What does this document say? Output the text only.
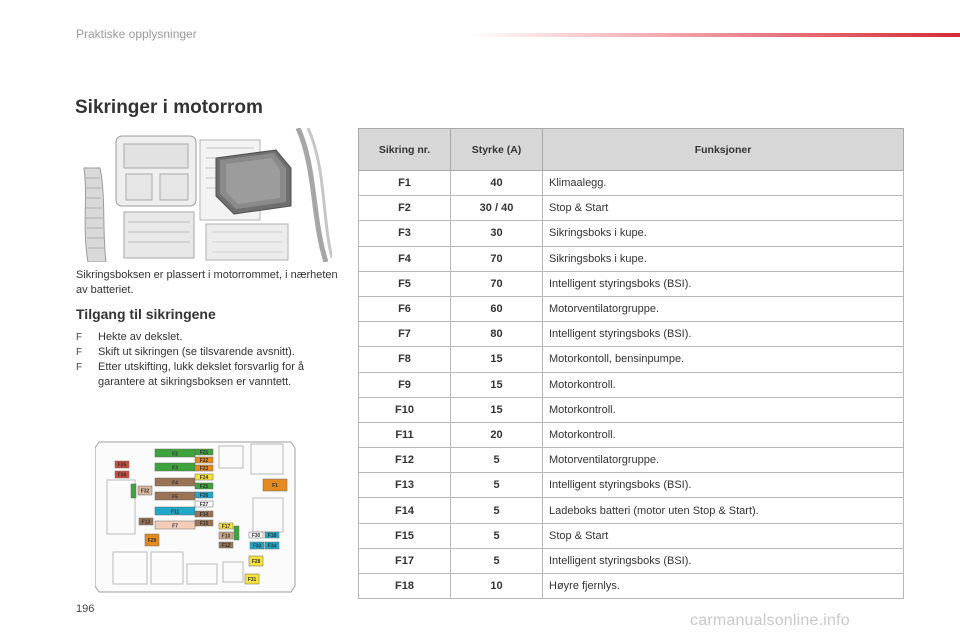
Praktiske opplysninger
Sikringer i motorrom

Sikringsboksen er plassert i motorrommet, i nærheten av batteriet.

Tilgang til sikringene
F Hekte av dekslet.
F Skift ut sikringen (se tilsvarende avsnitt).
F Etter utskifting, lukk dekslet forsvarlig for å garantere at sikringsboksen er vanntett.
F2
F3
F4
F5
F11
F7
F35
F36
F32
F13
F29
F21
F22
F23
F24
F25
F26
F27
F14
F15	F17
F10
F12
F1
F30
F33
F18
F34
F28
F31
Sikring nr.	Styrke (A)	Funksjoner
F1	40	Klimaalegg.
F2	30 / 40	Stop & Start
F3	30	Sikringsboks i kupe.
F4	70	Sikringsboks i kupe.
F5	70	Intelligent styringsboks (BSI).
F6	60	Motorventilatorgruppe.
F7	80	Intelligent styringsboks (BSI).
F8	15	Motorkontoll, bensinpumpe.
F9	15	Motorkontroll.
F10	15	Motorkontroll.
F11	20	Motorkontroll.
F12	5	Motorventilatorgruppe.
F13	5	Intelligent styringsboks (BSI).
F14	5	Ladeboks batteri (motor uten Stop & Start).
F15	5	Stop & Start
F17	5	Intelligent styringsboks (BSI).
F18	10	Høyre fjernlys.
196
carmanualsonline.info
